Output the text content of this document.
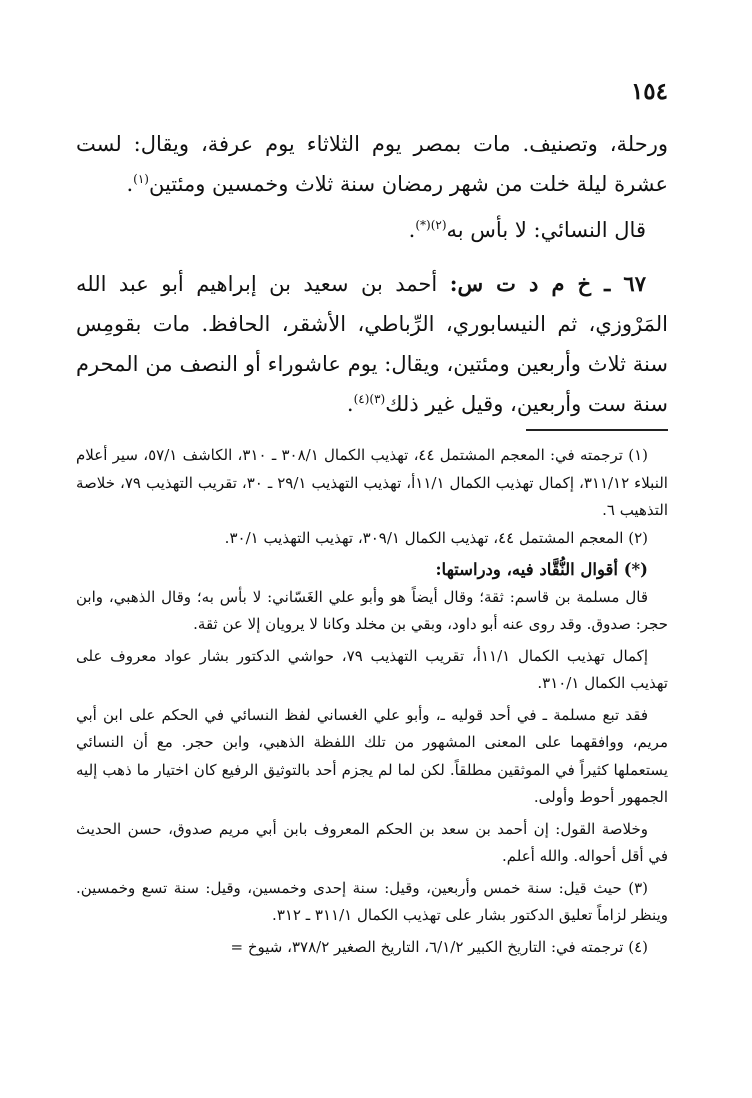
١٥٤

ورحلة، وتصنيف. مات بمصر يوم الثلاثاء يوم عرفة، ويقال: لست عشرة ليلة خلت من شهر رمضان سنة ثلاث وخمسين ومئتين$^{(١)}$.

قال النسائي: لا بأس به$^{(٢)(*)}$.

٦٧ ـ خ م د ت س: أحمد بن سعيد بن إبراهيم أبو عبد الله المَرْوزي، ثم النيسابوري، الرِّباطي، الأشقر، الحافظ. مات بقومِس سنة ثلاث وأربعين ومئتين، ويقال: يوم عاشوراء أو النصف من المحرم سنة ست وأربعين، وقيل غير ذلك$^{(٣)(٤)}$.

(١) ترجمته في: المعجم المشتمل ٤٤، تهذيب الكمال ٣٠٨/١ ـ ٣١٠، الكاشف ٥٧/١، سير أعلام النبلاء ٣١١/١٢، إكمال تهذيب الكمال ١١/١أ، تهذيب التهذيب ٢٩/١ ـ ٣٠، تقريب التهذيب ٧٩، خلاصة التذهيب ٦.

(٢) المعجم المشتمل ٤٤، تهذيب الكمال ٣٠٩/١، تهذيب التهذيب ٣٠/١.

(*) أقوال النُّقَّاد فيه، ودراستها:

قال مسلمة بن قاسم: ثقة؛ وقال أيضاً هو وأبو علي الغَسّاني: لا بأس به؛ وقال الذهبي، وابن حجر: صدوق. وقد روى عنه أبو داود، وبقي بن مخلد وكانا لا يرويان إلا عن ثقة.

إكمال تهذيب الكمال ١١/١أ، تقريب التهذيب ٧٩، حواشي الدكتور بشار عواد معروف على تهذيب الكمال ٣١٠/١.

فقد تبع مسلمة ـ في أحد قوليه ـ، وأبو علي الغساني لفظ النسائي في الحكم على ابن أبي مريم، ووافقهما على المعنى المشهور من تلك اللفظة الذهبي، وابن حجر. مع أن النسائي يستعملها كثيراً في الموثقين مطلقاً. لكن لما لم يجزم أحد بالتوثيق الرفيع كان اختيار ما ذهب إليه الجمهور أحوط وأولى.

وخلاصة القول: إن أحمد بن سعد بن الحكم المعروف بابن أبي مريم صدوق، حسن الحديث في أقل أحواله. والله أعلم.

(٣) حيث قيل: سنة خمس وأربعين، وقيل: سنة إحدى وخمسين، وقيل: سنة تسع وخمسين. وينظر لزاماً تعليق الدكتور بشار على تهذيب الكمال ٣١١/١ ـ ٣١٢.

(٤) ترجمته في: التاريخ الكبير ٦/١/٢، التاريخ الصغير ٣٧٨/٢، شيوخ =
